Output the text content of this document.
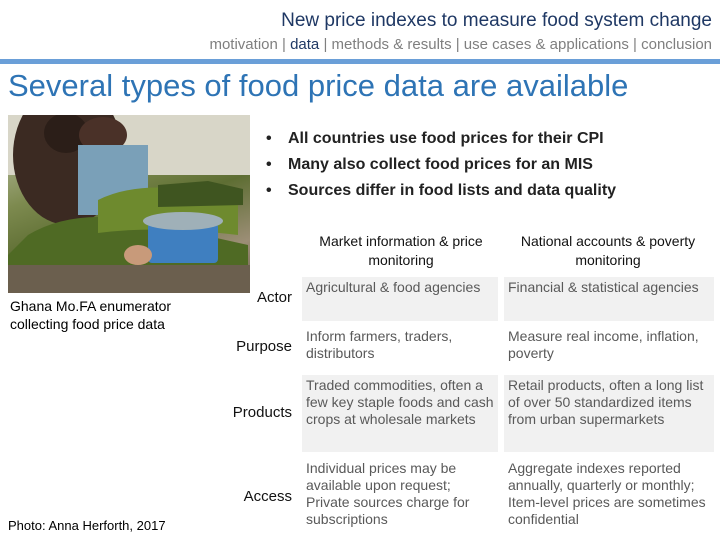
New price indexes to measure food system change
motivation | data | methods & results | use cases & applications | conclusion
Several types of food price data are available
Ghana Mo.FA enumerator collecting food price data
Photo: Anna Herforth, 2017
• All countries use food prices for their CPI
• Many also collect food prices for an MIS
• Sources differ in food lists and data quality
Market information & price monitoring
National accounts & poverty monitoring
Actor
Agricultural & food agencies	Financial & statistical agencies
Purpose
Inform farmers, traders, distributors
Measure real income, inflation, poverty
Products
Traded commodities, often a few key staple foods and cash crops at wholesale markets
Retail products, often a long list of over 50 standardized items from urban supermarkets
Access
Individual prices may be available upon request; Private sources charge for subscriptions
Aggregate indexes reported annually, quarterly or monthly; Item-level prices are sometimes confidential
